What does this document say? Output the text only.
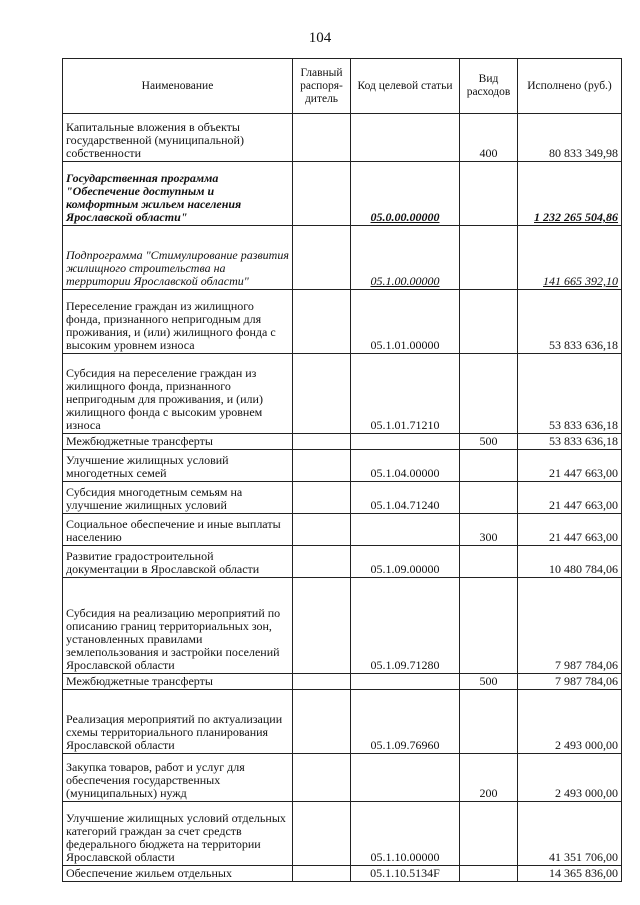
104
Наименование	Главный распоря-дитель	Код целевой статьи	Вид расходов	Исполнено (руб.)
Капитальные вложения в объекты государственной (муниципальной) собственности			400	80 833 349,98
Государственная программа "Обеспечение доступным и комфортным жильем населения Ярославской области"		05.0.00.00000		1 232 265 504,86
Подпрограмма "Стимулирование развития жилищного строительства на территории Ярославской области"		05.1.00.00000		141 665 392,10
Переселение граждан из жилищного фонда, признанного непригодным для проживания, и (или) жилищного фонда с высоким уровнем износа		05.1.01.00000		53 833 636,18
Субсидия на переселение граждан из жилищного фонда, признанного непригодным для проживания, и (или) жилищного фонда с высоким уровнем износа		05.1.01.71210		53 833 636,18
Межбюджетные трансферты			500	53 833 636,18
Улучшение жилищных условий многодетных семей		05.1.04.00000		21 447 663,00
Субсидия многодетным семьям на улучшение жилищных условий		05.1.04.71240		21 447 663,00
Социальное обеспечение и иные выплаты населению			300	21 447 663,00
Развитие градостроительной документации в Ярославской области		05.1.09.00000		10 480 784,06
Субсидия на реализацию мероприятий по описанию границ территориальных зон, установленных правилами землепользования и застройки поселений Ярославской области		05.1.09.71280		7 987 784,06
Межбюджетные трансферты			500	7 987 784,06
Реализация мероприятий по актуализации схемы территориального планирования Ярославской области		05.1.09.76960		2 493 000,00
Закупка товаров, работ и услуг для обеспечения государственных (муниципальных) нужд			200	2 493 000,00
Улучшение жилищных условий отдельных категорий граждан за счет средств федерального бюджета на территории Ярославской области		05.1.10.00000		41 351 706,00
Обеспечение жильем отдельных		05.1.10.5134F		14 365 836,00
